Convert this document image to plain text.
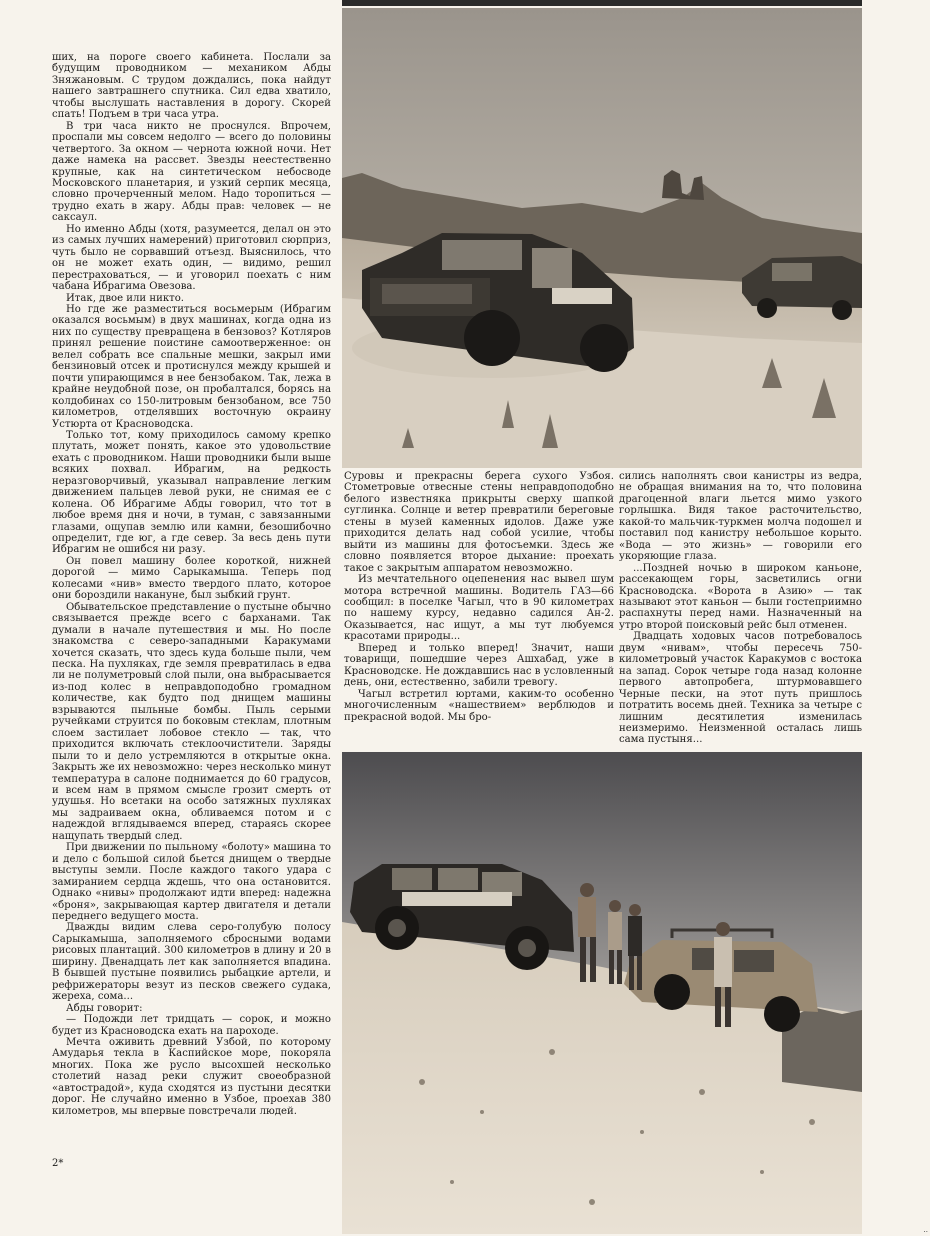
ших, на пороге своего кабинета. Послали за будущим проводником — механиком Абды Зняжановым. С трудом дождались, пока найдут нашего завтрашнего спутника. Сил едва хватило, чтобы выслушать наставления в дорогу. Скорей спать! Подъем в три часа утра.

В три часа никто не проснулся. Впрочем, проспали мы совсем недолго — всего до половины четвертого. За окном — чернота южной ночи. Нет даже намека на рассвет. Звезды неестественно крупные, как на синтетическом небосводе Московского планетария, и узкий серпик месяца, словно прочерченный мелом. Надо торопиться — трудно ехать в жару. Абды прав: человек — не саксаул.

Но именно Абды (хотя, разумеется, делал он это из самых лучших намерений) приготовил сюрприз, чуть было не сорвавший отъезд. Выяснилось, что он не может ехать один, — видимо, решил перестраховаться, — и уговорил поехать с ним чабана Ибрагима Овезова.

Итак, двое или никто.

Но где же разместиться восьмерым (Ибрагим оказался восьмым) в двух машинах, когда одна из них по существу превращена в бензовоз? Котляров принял решение поистине самоотверженное: он велел собрать все спальные мешки, закрыл ими бензиновый отсек и протиснулся между крышей и почти упирающимся в нее бензобаком. Так, лежа в крайне неудобной позе, он пробалтался, борясь на колдобинах со 150-литровым бензобаном, все 750 километров, отделявших восточную окраину Устюрта от Красноводска.

Только тот, кому приходилось самому крепко плутать, может понять, какое это удовольствие ехать с проводником. Наши проводники были выше всяких похвал. Ибрагим, на редкость неразговорчивый, указывал направление легким движением пальцев левой руки, не снимая ее с колена. Об Ибрагиме Абды говорил, что тот в любое время дня и ночи, в туман, с завязанными глазами, ощупав землю или камни, безошибочно определит, где юг, а где север. За весь день пути Ибрагим не ошибся ни разу.

Он повел машину более короткой, нижней дорогой — мимо Сарыкамыша. Теперь под колесами «нив» вместо твердого плато, которое они бороздили накануне, был зыбкий грунт.

Обывательское представление о пустыне обычно связывается прежде всего с барханами. Так думали в начале путешествия и мы. Но после знакомства с северо-западными Каракумами хочется сказать, что здесь куда больше пыли, чем песка. На пухляках, где земля превратилась в едва ли не полуметровый слой пыли, она выбрасывается из-под колес в неправдоподобно громадном количестве, как будто под днищем машины взрываются пыльные бомбы. Пыль серыми ручейками струится по боковым стеклам, плотным слоем застилает лобовое стекло — так, что приходится включать стеклоочистители. Заряды пыли то и дело устремляются в открытые окна. Закрыть же их невозможно: через несколько минут температура в салоне поднимается до 60 градусов, и всем нам в прямом смысле грозит смерть от удушья. Но всетаки на особо затяжных пухляках мы задраиваем окна, обливаемся потом и с надеждой вглядываемся вперед, стараясь скорее нащупать твердый след.

При движении по пыльному «болоту» машина то и дело с большой силой бьется днищем о твердые выступы земли. После каждого такого удара с замиранием сердца ждешь, что она остановится. Однако «нивы» продолжают идти вперед: надежна «броня», закрывающая картер двигателя и детали переднего ведущего моста.

Дважды видим слева серо-голубую полосу Сарыкамыша, заполняемого сбросными водами рисовых плантаций. 300 километров в длину и 20 в ширину. Двенадцать лет как заполняется впадина. В бывшей пустыне появились рыбацкие артели, и рефрижераторы везут из песков свежего судака, жереха, сома...

Абды говорит:

— Подожди лет тридцать — сорок, и можно будет из Красноводска ехать на пароходе.

Мечта оживить древний Узбой, по которому Амударья текла в Каспийское море, покоряла многих. Пока же русло высохшей несколько столетий назад реки служит своеобразной «автострадой», куда сходятся из пустыни десятки дорог. Не случайно именно в Узбое, проехав 380 километров, мы впервые повстречали людей.

Суровы и прекрасны берега сухого Узбоя. Стометровые отвесные стены неправдоподобно белого известняка прикрыты сверху шапкой суглинка. Солнце и ветер превратили береговые стены в музей каменных идолов. Даже уже приходится делать над собой усилие, чтобы выйти из машины для фотосъемки. Здесь же словно появляется второе дыхание: проехать такое с закрытым аппаратом невозможно.

Из мечтательного оцепенения нас вывел шум мотора встречной машины. Водитель ГАЗ—66 сообщил: в поселке Чагыл, что в 90 километрах по нашему курсу, недавно садился Ан-2. Оказывается, нас ищут, а мы тут любуемся красотами природы...

Вперед и только вперед! Значит, наши товарищи, пошедшие через Ашхабад, уже в Красноводске. Не дождавшись нас в условленный день, они, естественно, забили тревогу.

Чагыл встретил юртами, каким-то особенно многочисленным «нашествием» верблюдов и прекрасной водой. Мы бро-

сились наполнять свои канистры из ведра, не обращая внимания на то, что половина драгоценной влаги льется мимо узкого горлышка. Видя такое расточительство, какой-то мальчик-туркмен молча подошел и поставил под канистру небольшое корыто. «Вода — это жизнь» — говорили его укоряющие глаза.

...Поздней ночью в широком каньоне, рассекающем горы, засветились огни Красноводска. «Ворота в Азию» — так называют этот каньон — были гостеприимно распахнуты перед нами. Назначенный на утро второй поисковый рейс был отменен.

Двадцать ходовых часов потребовалось двум «нивам», чтобы пересечь 750-километровый участок Каракумов с востока на запад. Сорок четыре года назад колонне первого автопробега, штурмовавшего Черные пески, на этот путь пришлось потратить восемь дней. Техника за четыре с лишним десятилетия изменилась неизмеримо. Неизменной осталась лишь сама пустыня...

2*
··
